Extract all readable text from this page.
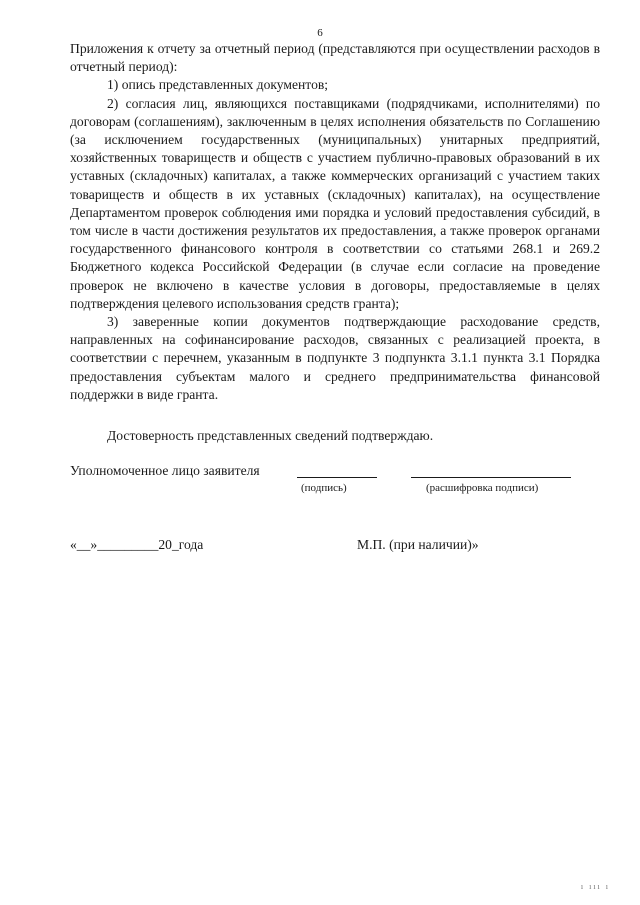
6

Приложения к отчету за отчетный период (представляются при осуществлении расходов в отчетный период):

1) опись представленных документов;

2) согласия лиц, являющихся поставщиками (подрядчиками, исполнителями) по договорам (соглашениям), заключенным в целях исполнения обязательств по Соглашению (за исключением государственных (муниципальных) унитарных предприятий, хозяйственных товариществ и обществ с участием публично-правовых образований в их уставных (складочных) капиталах, а также коммерческих организаций с участием таких товариществ и обществ в их уставных (складочных) капиталах), на осуществление Департаментом проверок соблюдения ими порядка и условий предоставления субсидий, в том числе в части достижения результатов их предоставления, а также проверок органами государственного финансового контроля в соответствии со статьями 268.1 и 269.2 Бюджетного кодекса Российской Федерации (в случае если согласие на проведение проверок не включено в качестве условия в договоры, предоставляемые в целях подтверждения целевого использования средств гранта);

3) заверенные копии документов подтверждающие расходование средств, направленных на софинансирование расходов, связанных с реализацией проекта, в соответствии с перечнем, указанным в подпункте 3 подпункта 3.1.1 пункта 3.1 Порядка предоставления субъектам малого и среднего предпринимательства финансовой поддержки в виде гранта.

Достоверность представленных сведений подтверждаю.
Уполномоченное лицо заявителя
(подпись)	(расшифровка подписи)
«__»_________20_года	М.П. (при наличии)»
ı ııı ı
